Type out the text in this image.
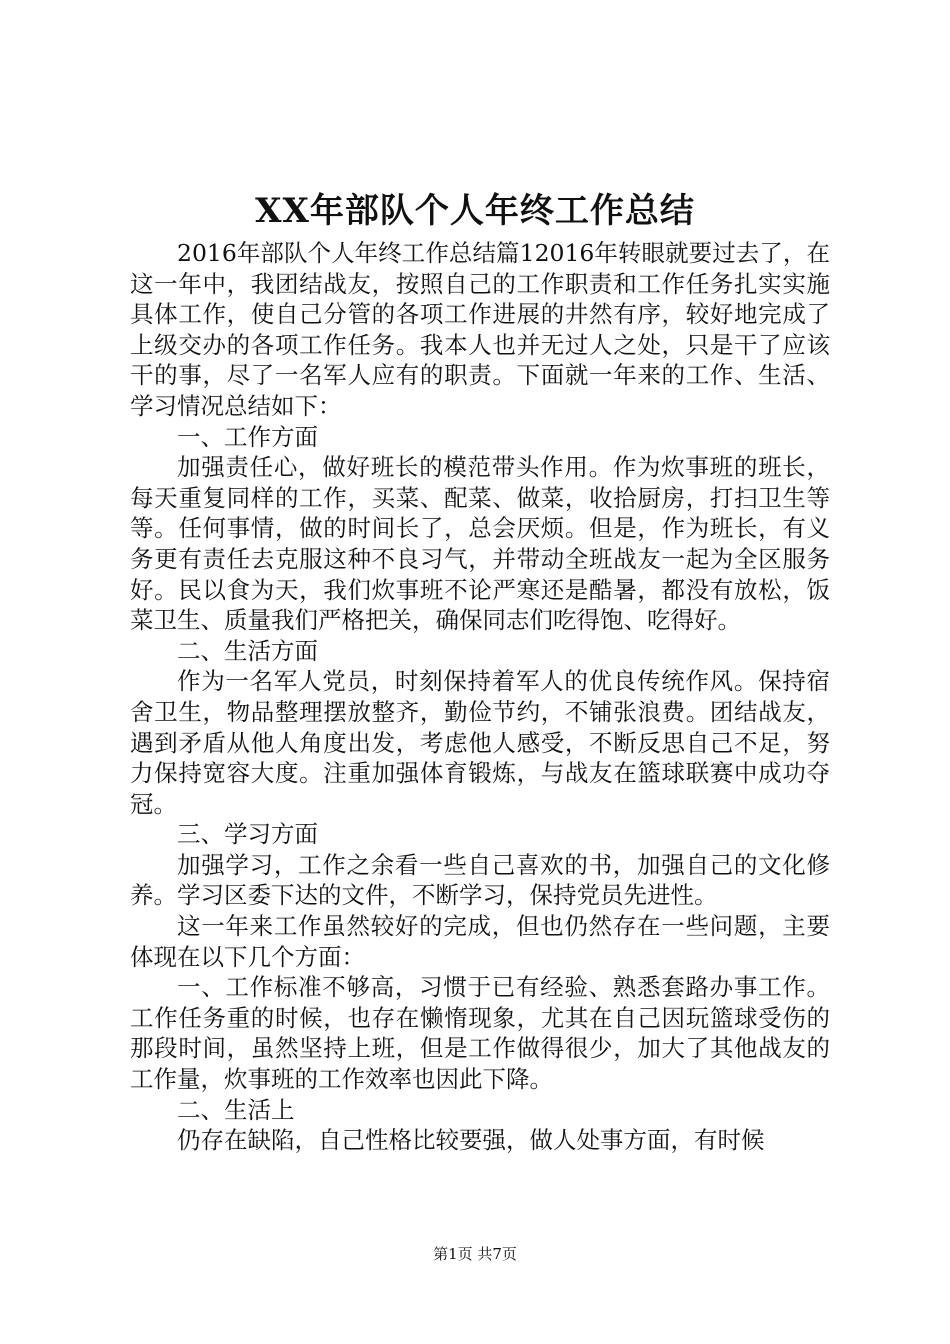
XX年部队个人年终工作总结

2016年部队个人年终工作总结篇12016年转眼就要过去了，在这一年中，我团结战友，按照自己的工作职责和工作任务扎实实施具体工作，使自己分管的各项工作进展的井然有序，较好地完成了上级交办的各项工作任务。我本人也并无过人之处，只是干了应该干的事，尽了一名军人应有的职责。下面就一年来的工作、生活、学习情况总结如下：

一、工作方面

加强责任心，做好班长的模范带头作用。作为炊事班的班长，每天重复同样的工作，买菜、配菜、做菜，收拾厨房，打扫卫生等等。任何事情，做的时间长了，总会厌烦。但是，作为班长，有义务更有责任去克服这种不良习气，并带动全班战友一起为全区服务好。民以食为天，我们炊事班不论严寒还是酷暑，都没有放松，饭菜卫生、质量我们严格把关，确保同志们吃得饱、吃得好。

二、生活方面

作为一名军人党员，时刻保持着军人的优良传统作风。保持宿舍卫生，物品整理摆放整齐，勤俭节约，不铺张浪费。团结战友，遇到矛盾从他人角度出发，考虑他人感受，不断反思自己不足，努力保持宽容大度。注重加强体育锻炼，与战友在篮球联赛中成功夺冠。

三、学习方面

加强学习，工作之余看一些自己喜欢的书，加强自己的文化修养。学习区委下达的文件，不断学习，保持党员先进性。

这一年来工作虽然较好的完成，但也仍然存在一些问题，主要体现在以下几个方面：

一、工作标准不够高，习惯于已有经验、熟悉套路办事工作。工作任务重的时候，也存在懒惰现象，尤其在自己因玩篮球受伤的那段时间，虽然坚持上班，但是工作做得很少，加大了其他战友的工作量，炊事班的工作效率也因此下降。

二、生活上

仍存在缺陷，自己性格比较要强，做人处事方面，有时候

第1页 共7页
